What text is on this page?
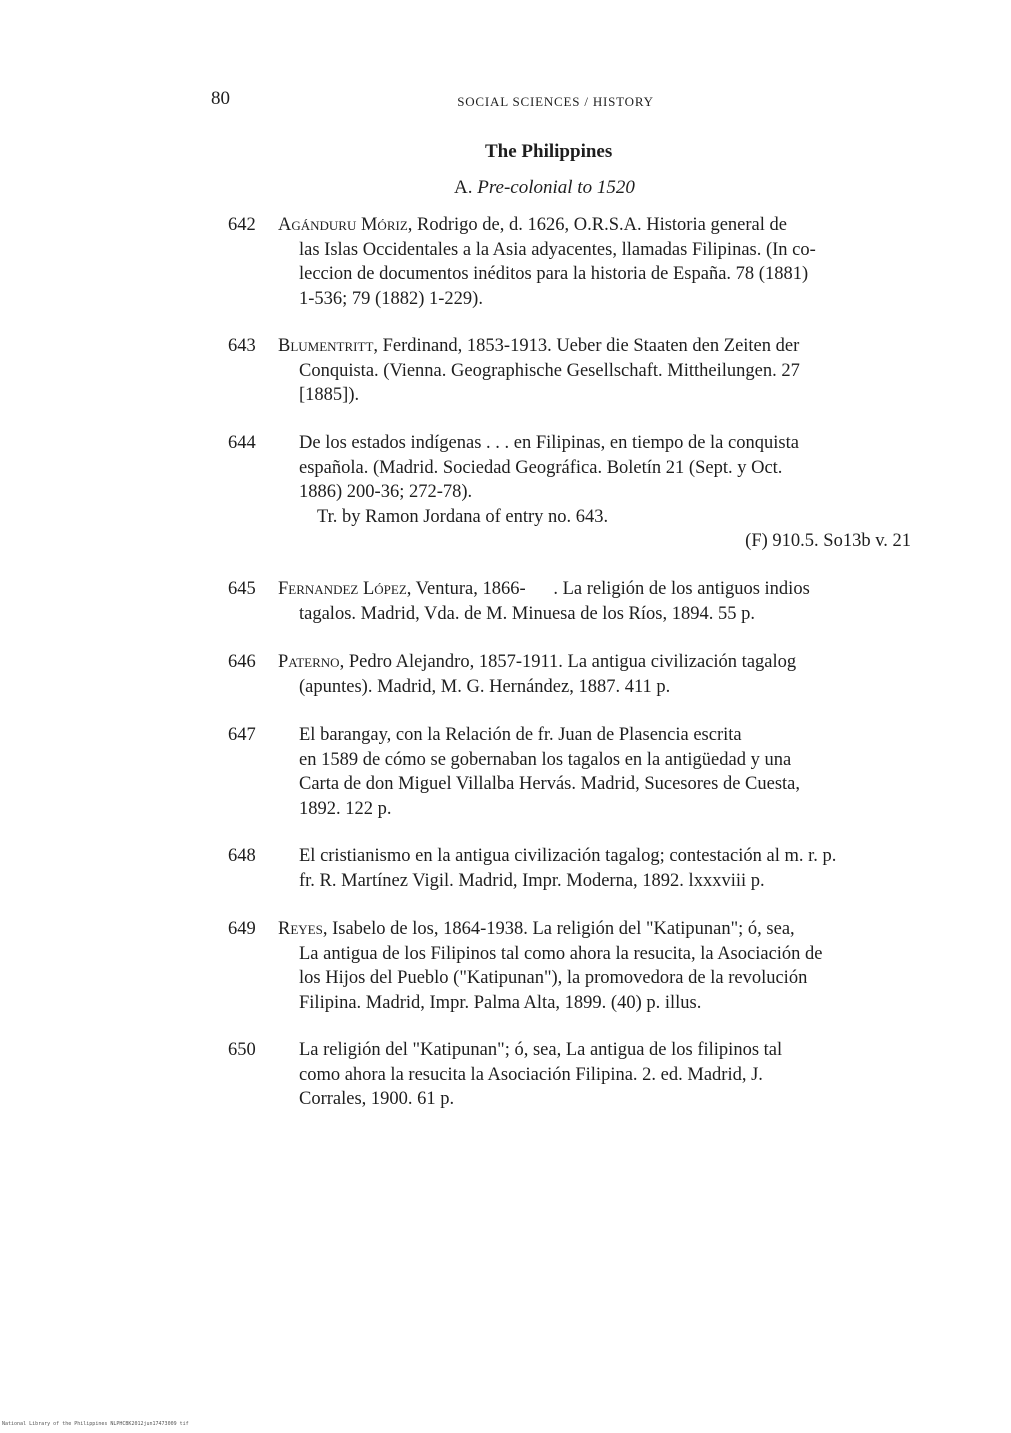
80	SOCIAL SCIENCES / HISTORY
The Philippines
A. Pre-colonial to 1520
642 Agánduru Móriz, Rodrigo de, d. 1626, O.R.S.A. Historia general de
las Islas Occidentales a la Asia adyacentes, llamadas Filipinas. (In co-
leccion de documentos inéditos para la historia de España. 78 (1881)
1-536; 79 (1882) 1-229).
643 Blumentritt, Ferdinand, 1853-1913. Ueber die Staaten den Zeiten der
Conquista. (Vienna. Geographische Gesellschaft. Mittheilungen. 27
[1885]).
644 De los estados indígenas . . . en Filipinas, en tiempo de la conquista
española. (Madrid. Sociedad Geográfica. Boletín 21 (Sept. y Oct.
1886) 200-36; 272-78).
Tr. by Ramon Jordana of entry no. 643.
(F) 910.5. So13b v. 21
645 Fernandez López, Ventura, 1866-      . La religión de los antiguos indios
tagalos. Madrid, Vda. de M. Minuesa de los Ríos, 1894. 55 p.
646 Paterno, Pedro Alejandro, 1857-1911. La antigua civilización tagalog
(apuntes). Madrid, M. G. Hernández, 1887. 411 p.
647 El barangay, con la Relación de fr. Juan de Plasencia escrita
en 1589 de cómo se gobernaban los tagalos en la antigüedad y una
Carta de don Miguel Villalba Hervás. Madrid, Sucesores de Cuesta,
1892. 122 p.
648 El cristianismo en la antigua civilización tagalog; contestación al m. r. p.
fr. R. Martínez Vigil. Madrid, Impr. Moderna, 1892. lxxxviii p.
649 Reyes, Isabelo de los, 1864-1938. La religión del "Katipunan"; ó, sea,
La antigua de los Filipinos tal como ahora la resucita, la Asociación de
los Hijos del Pueblo ("Katipunan"), la promovedora de la revolución
Filipina. Madrid, Impr. Palma Alta, 1899. (40) p. illus.
650 La religión del "Katipunan"; ó, sea, La antigua de los filipinos tal
como ahora la resucita la Asociación Filipina. 2. ed. Madrid, J.
Corrales, 1900. 61 p.
National Library of the Philippines NLPHCBK2012jun17473009 tif
